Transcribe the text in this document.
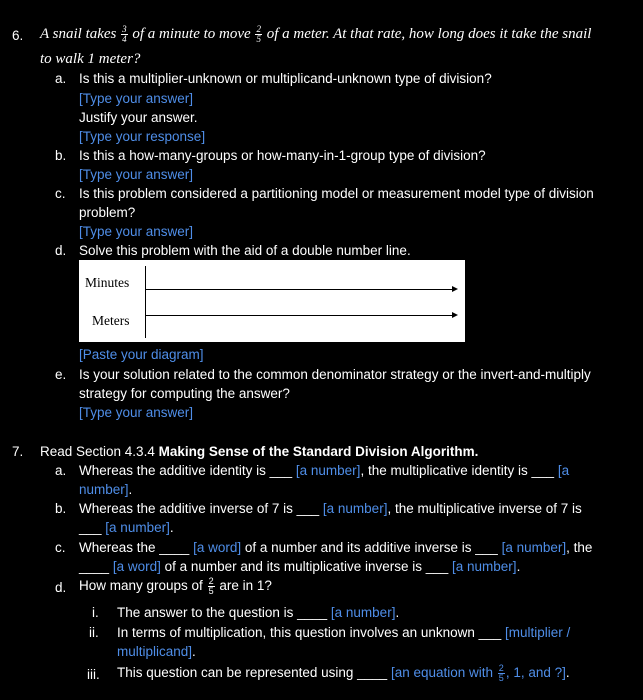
6. A snail takes $\frac{3}{4}$ of a minute to move $\frac{2}{5}$ of a meter. At that rate, how long does it take the snail
to walk 1 meter?
a. Is this a multiplier-unknown or multiplicand-unknown type of division?
[Type your answer]
Justify your answer.
[Type your response]
b. Is this a how-many-groups or how-many-in-1-group type of division?
[Type your answer]
c. Is this problem considered a partitioning model or measurement model type of division
problem?
[Type your answer]
d. Solve this problem with the aid of a double number line.
Minutes
Meters
[Paste your diagram]
e. Is your solution related to the common denominator strategy or the invert-and-multiply
strategy for computing the answer?
[Type your answer]
7. Read Section 4.3.4 Making Sense of the Standard Division Algorithm.
a. Whereas the additive identity is ___ [a number], the multiplicative identity is ___ [a
number].
b. Whereas the additive inverse of 7 is ___ [a number], the multiplicative inverse of 7 is
___ [a number].
c. Whereas the ____ [a word] of a number and its additive inverse is ___ [a number], the
____ [a word] of a number and its multiplicative inverse is ___ [a number].
d. How many groups of $\frac{2}{5}$ are in 1?
i. The answer to the question is ____ [a number].
ii. In terms of multiplication, this question involves an unknown ___ [multiplier /
multiplicand].
iii. This question can be represented using ____ [an equation with $\frac{2}{5}$ , 1, and ?].
